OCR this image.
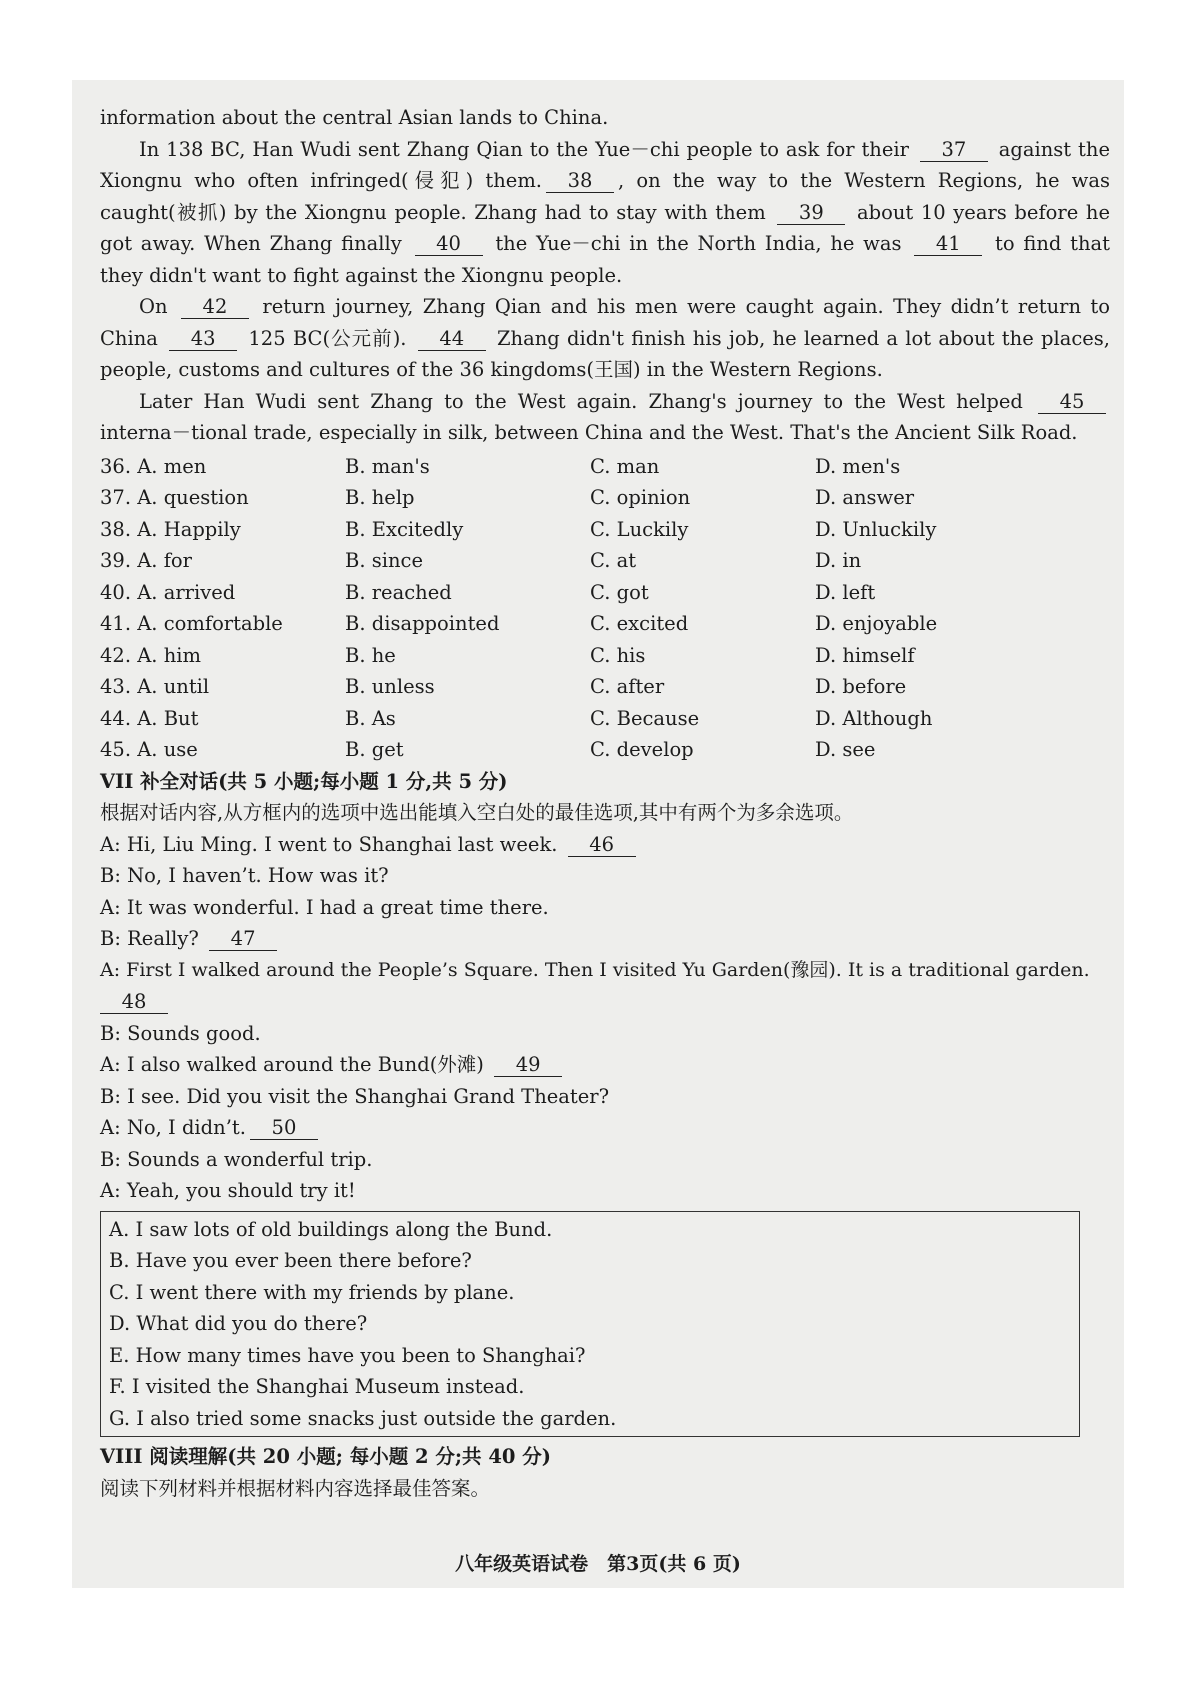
information about the central Asian lands to China.

In 138 BC, Han Wudi sent Zhang Qian to the Yue－chi people to ask for their 37 against the Xiongnu who often infringed(侵犯) them. 38 , on the way to the Western Regions, he was caught(被抓) by the Xiongnu people. Zhang had to stay with them 39 about 10 years before he got away. When Zhang finally 40 the Yue－chi in the North India, he was 41 to find that they didn't want to fight against the Xiongnu people.

On 42 return journey, Zhang Qian and his men were caught again. They didn’t return to China 43 125 BC(公元前). 44 Zhang didn't finish his job, he learned a lot about the places, people, customs and cultures of the 36 kingdoms(王国) in the Western Regions.

Later Han Wudi sent Zhang to the West again. Zhang's journey to the West helped 45 interna－tional trade, especially in silk, between China and the West. That's the Ancient Silk Road.

36. A. men	B. man's	C. man	D. men's
37. A. question	B. help	C. opinion	D. answer
38. A. Happily	B. Excitedly	C. Luckily	D. Unluckily
39. A. for	B. since	C. at	D. in
40. A. arrived	B. reached	C. got	D. left
41. A. comfortable	B. disappointed	C. excited	D. enjoyable
42. A. him	B. he	C. his	D. himself
43. A. until	B. unless	C. after	D. before
44. A. But	B. As	C. Because	D. Although
45. A. use	B. get	C. develop	D. see
VII 补全对话(共 5 小题;每小题 1 分,共 5 分)
根据对话内容,从方框内的选项中选出能填入空白处的最佳选项,其中有两个为多余选项。
A: Hi, Liu Ming. I went to Shanghai last week. 46
B: No, I haven’t. How was it?
A: It was wonderful. I had a great time there.
B: Really? 47
A: First I walked around the People’s Square. Then I visited Yu Garden(豫园). It is a traditional garden.
48
B: Sounds good.
A: I also walked around the Bund(外滩) 49
B: I see. Did you visit the Shanghai Grand Theater?
A: No, I didn’t. 50
B: Sounds a wonderful trip.
A: Yeah, you should try it!
A. I saw lots of old buildings along the Bund.
B. Have you ever been there before?
C. I went there with my friends by plane.
D. What did you do there?
E. How many times have you been to Shanghai?
F. I visited the Shanghai Museum instead.
G. I also tried some snacks just outside the garden.
VIII 阅读理解(共 20 小题; 每小题 2 分;共 40 分)
阅读下列材料并根据材料内容选择最佳答案。
八年级英语试卷　第3页(共 6 页)
